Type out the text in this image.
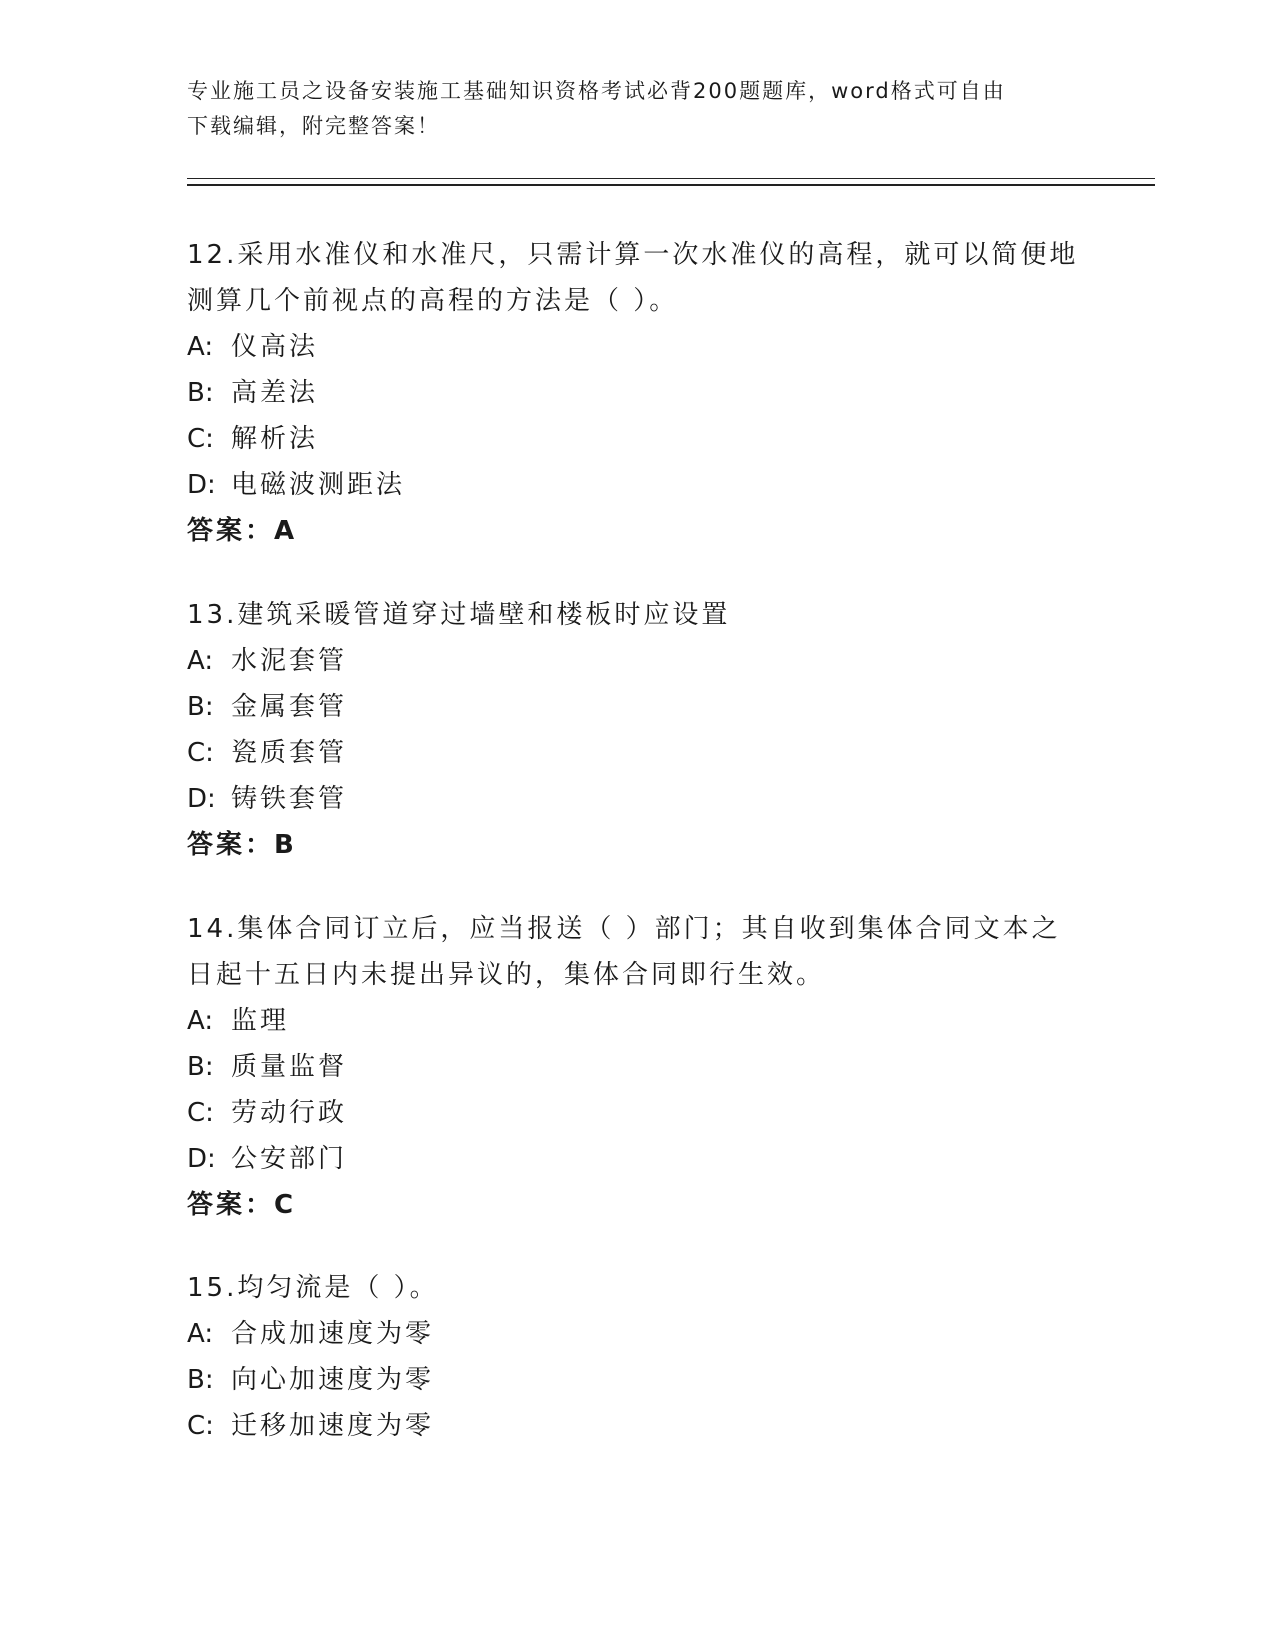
专业施工员之设备安装施工基础知识资格考试必背200题题库，word格式可自由
下载编辑，附完整答案！

12.采用水准仪和水准尺，只需计算一次水准仪的高程，就可以简便地
测算几个前视点的高程的方法是（ ）。

A: 仪高法
B: 高差法
C: 解析法
D: 电磁波测距法
答案：A

13.建筑采暖管道穿过墙壁和楼板时应设置

A: 水泥套管
B: 金属套管
C: 瓷质套管
D: 铸铁套管
答案：B

14.集体合同订立后，应当报送（ ）部门；其自收到集体合同文本之
日起十五日内未提出异议的，集体合同即行生效。

A: 监理
B: 质量监督
C: 劳动行政
D: 公安部门
答案：C

15.均匀流是（ ）。

A: 合成加速度为零
B: 向心加速度为零
C: 迁移加速度为零
